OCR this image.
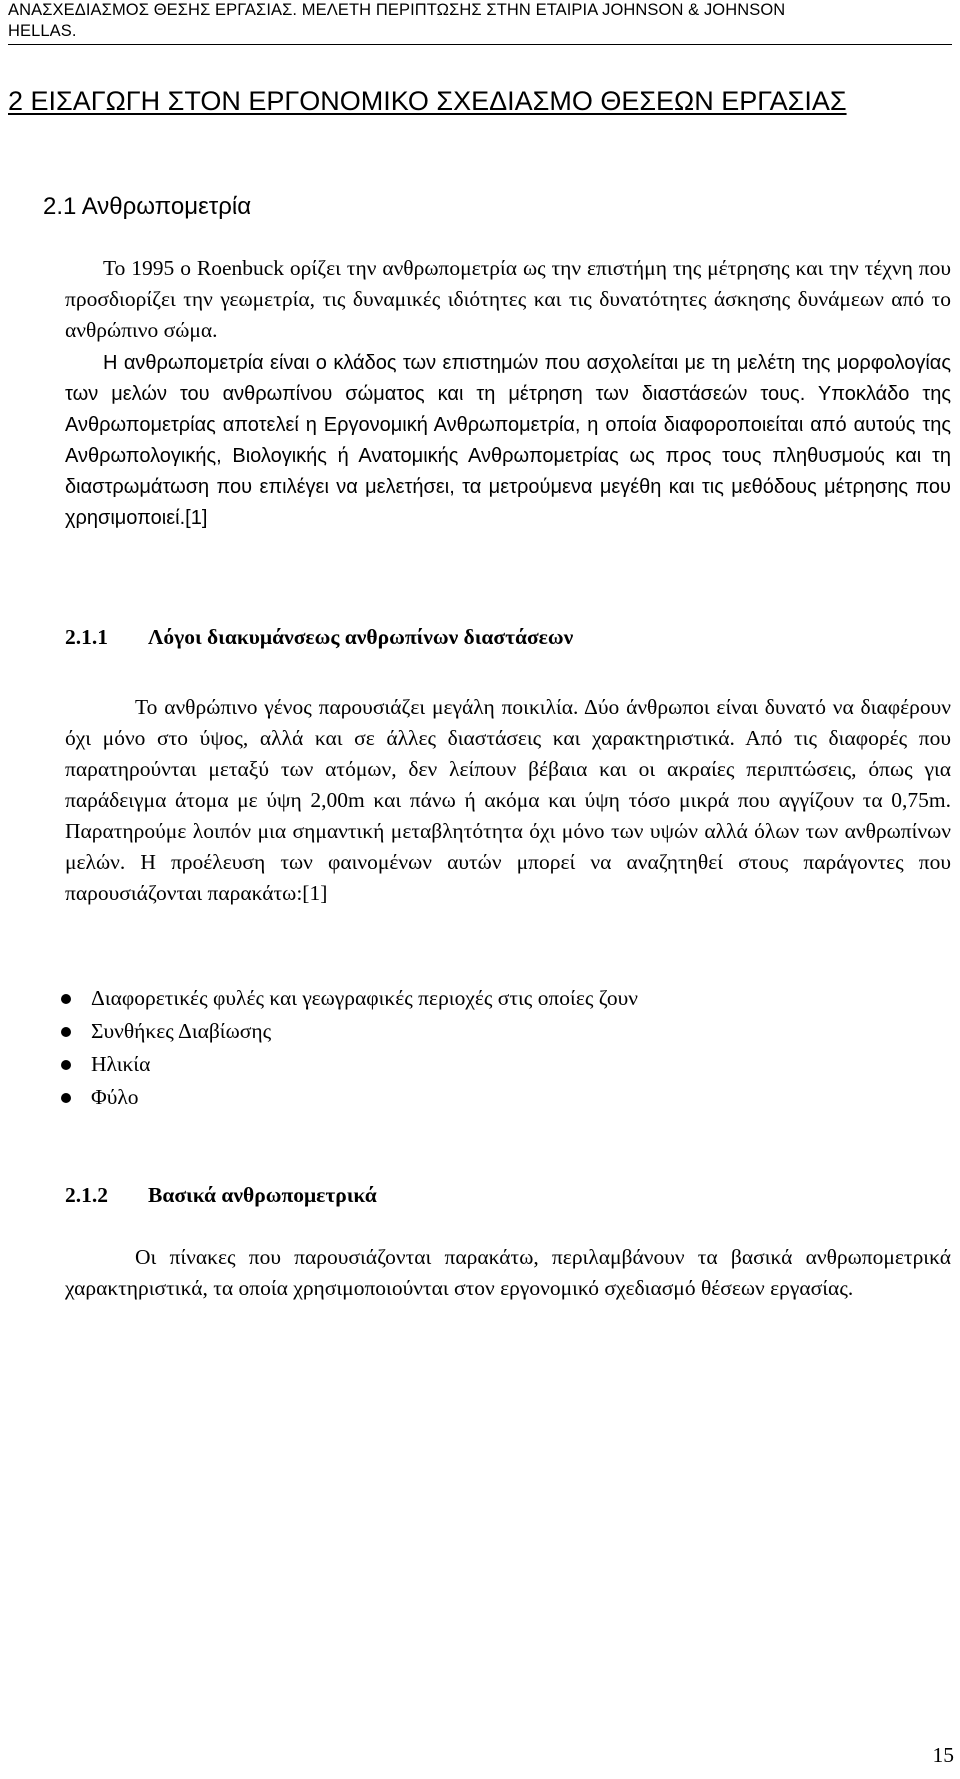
ΑΝΑΣΧΕΔΙΑΣΜΟΣ ΘΕΣΗΣ ΕΡΓΑΣΙΑΣ. ΜΕΛΕΤΗ ΠΕΡΙΠΤΩΣΗΣ ΣΤΗΝ ΕΤΑΙΡΙΑ JOHNSON & JOHNSON
HELLAS.
2 ΕΙΣΑΓΩΓΗ ΣΤΟΝ ΕΡΓΟΝΟΜΙΚΟ ΣΧΕΔΙΑΣΜΟ ΘΕΣΕΩΝ ΕΡΓΑΣΙΑΣ
2.1 Ανθρωπομετρία

Το 1995 ο Roenbuck ορίζει την ανθρωπομετρία ως την επιστήμη της μέτρησης και την τέχνη που προσδιορίζει την γεωμετρία, τις δυναμικές ιδιότητες και τις δυνατότητες άσκησης δυνάμεων από το ανθρώπινο σώμα.

Η ανθρωπομετρία είναι ο κλάδος των επιστημών που ασχολείται με τη μελέτη της μορφολογίας των μελών του ανθρωπίνου σώματος και τη μέτρηση των διαστάσεών τους. Υποκλάδο της Ανθρωπομετρίας αποτελεί η Εργονομική Ανθρωπομετρία, η οποία διαφοροποιείται από αυτούς της Ανθρωπολογικής, Βιολογικής ή Ανατομικής Ανθρωπομετρίας ως προς τους πληθυσμούς και τη διαστρωμάτωση που επιλέγει να μελετήσει, τα μετρούμενα μεγέθη και τις μεθόδους μέτρησης που χρησιμοποιεί.[1]

2.1.1 Λόγοι διακυμάνσεως ανθρωπίνων διαστάσεων

Το ανθρώπινο γένος παρουσιάζει μεγάλη ποικιλία. Δύο άνθρωποι είναι δυνατό να διαφέρουν όχι μόνο στο ύψος, αλλά και σε άλλες διαστάσεις και χαρακτηριστικά. Από τις διαφορές που παρατηρούνται μεταξύ των ατόμων, δεν λείπουν βέβαια και οι ακραίες περιπτώσεις, όπως για παράδειγμα άτομα με ύψη 2,00m και πάνω ή ακόμα και ύψη τόσο μικρά που αγγίζουν τα 0,75m. Παρατηρούμε λοιπόν μια σημαντική μεταβλητότητα όχι μόνο των υψών αλλά όλων των ανθρωπίνων μελών. Η προέλευση των φαινομένων αυτών μπορεί να αναζητηθεί στους παράγοντες που παρουσιάζονται παρακάτω:[1]

Διαφορετικές φυλές και γεωγραφικές περιοχές στις οποίες ζουν
Συνθήκες Διαβίωσης
Ηλικία
Φύλο
2.1.2 Βασικά ανθρωπομετρικά

Οι πίνακες που παρουσιάζονται παρακάτω, περιλαμβάνουν τα βασικά ανθρωπομετρικά χαρακτηριστικά, τα οποία χρησιμοποιούνται στον εργονομικό σχεδιασμό θέσεων εργασίας.

15
